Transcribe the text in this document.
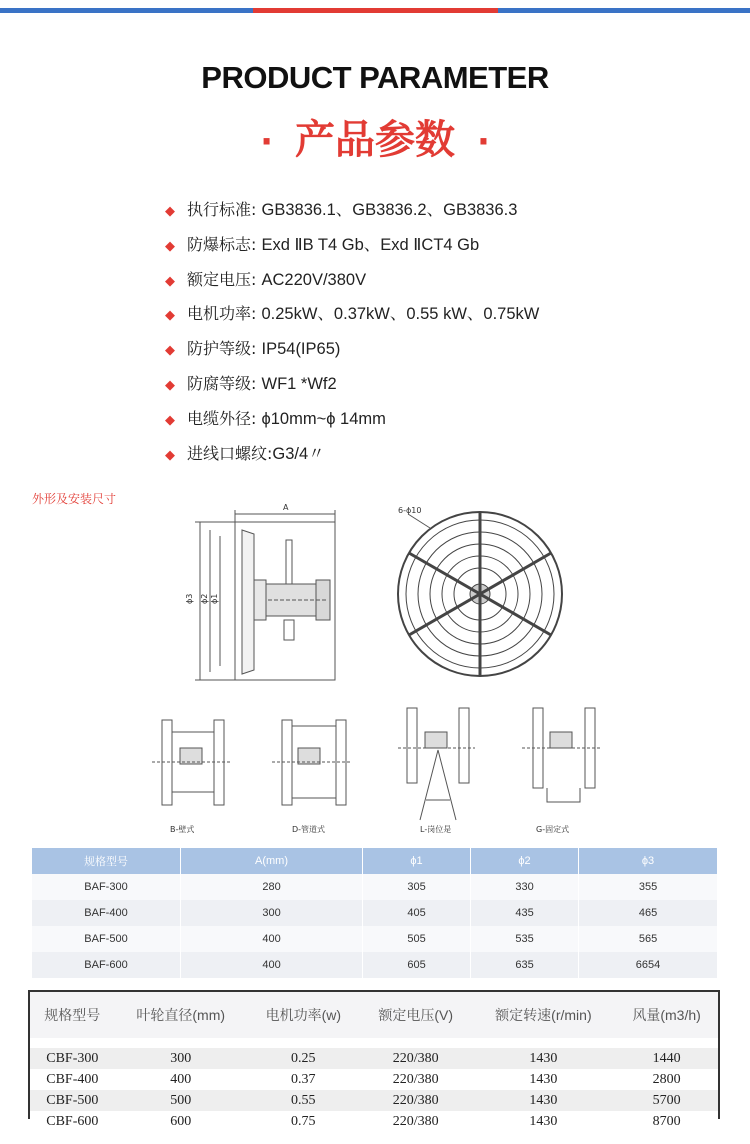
PRODUCT PARAMETER
· 产品参数 ·
◆ 执行标准: GB3836.1、GB3836.2、GB3836.3
◆ 防爆标志: Exd ⅡB T4 Gb、Exd ⅡCT4 Gb
◆ 额定电压: AC220V/380V
◆ 电机功率: 0.25kW、0.37kW、0.55 kW、0.75kW
◆ 防护等级: IP54(IP65)
◆ 防腐等级: WF1 *Wf2
◆ 电缆外径: ϕ10mm~ϕ 14mm
◆ 进线口螺纹:G3/4〃
外形及安装尺寸
A
ϕ3 ϕ2 ϕ1
6-ϕ10
B-壁式	D-管道式	L-岗位是	G-固定式
规格型号	A(mm)	ϕ1	ϕ2	ϕ3
BAF-300	280	305	330	355
BAF-400	300	405	435	465
BAF-500	400	505	535	565
BAF-600	400	605	635	6654
规格型号	叶轮直径(mm)	电机功率(w)	额定电压(V)	额定转速(r/min)	风量(m3/h)

CBF-300	300	0.25	220/380	1430	1440
CBF-400	400	0.37	220/380	1430	2800
CBF-500	500	0.55	220/380	1430	5700
CBF-600	600	0.75	220/380	1430	8700
